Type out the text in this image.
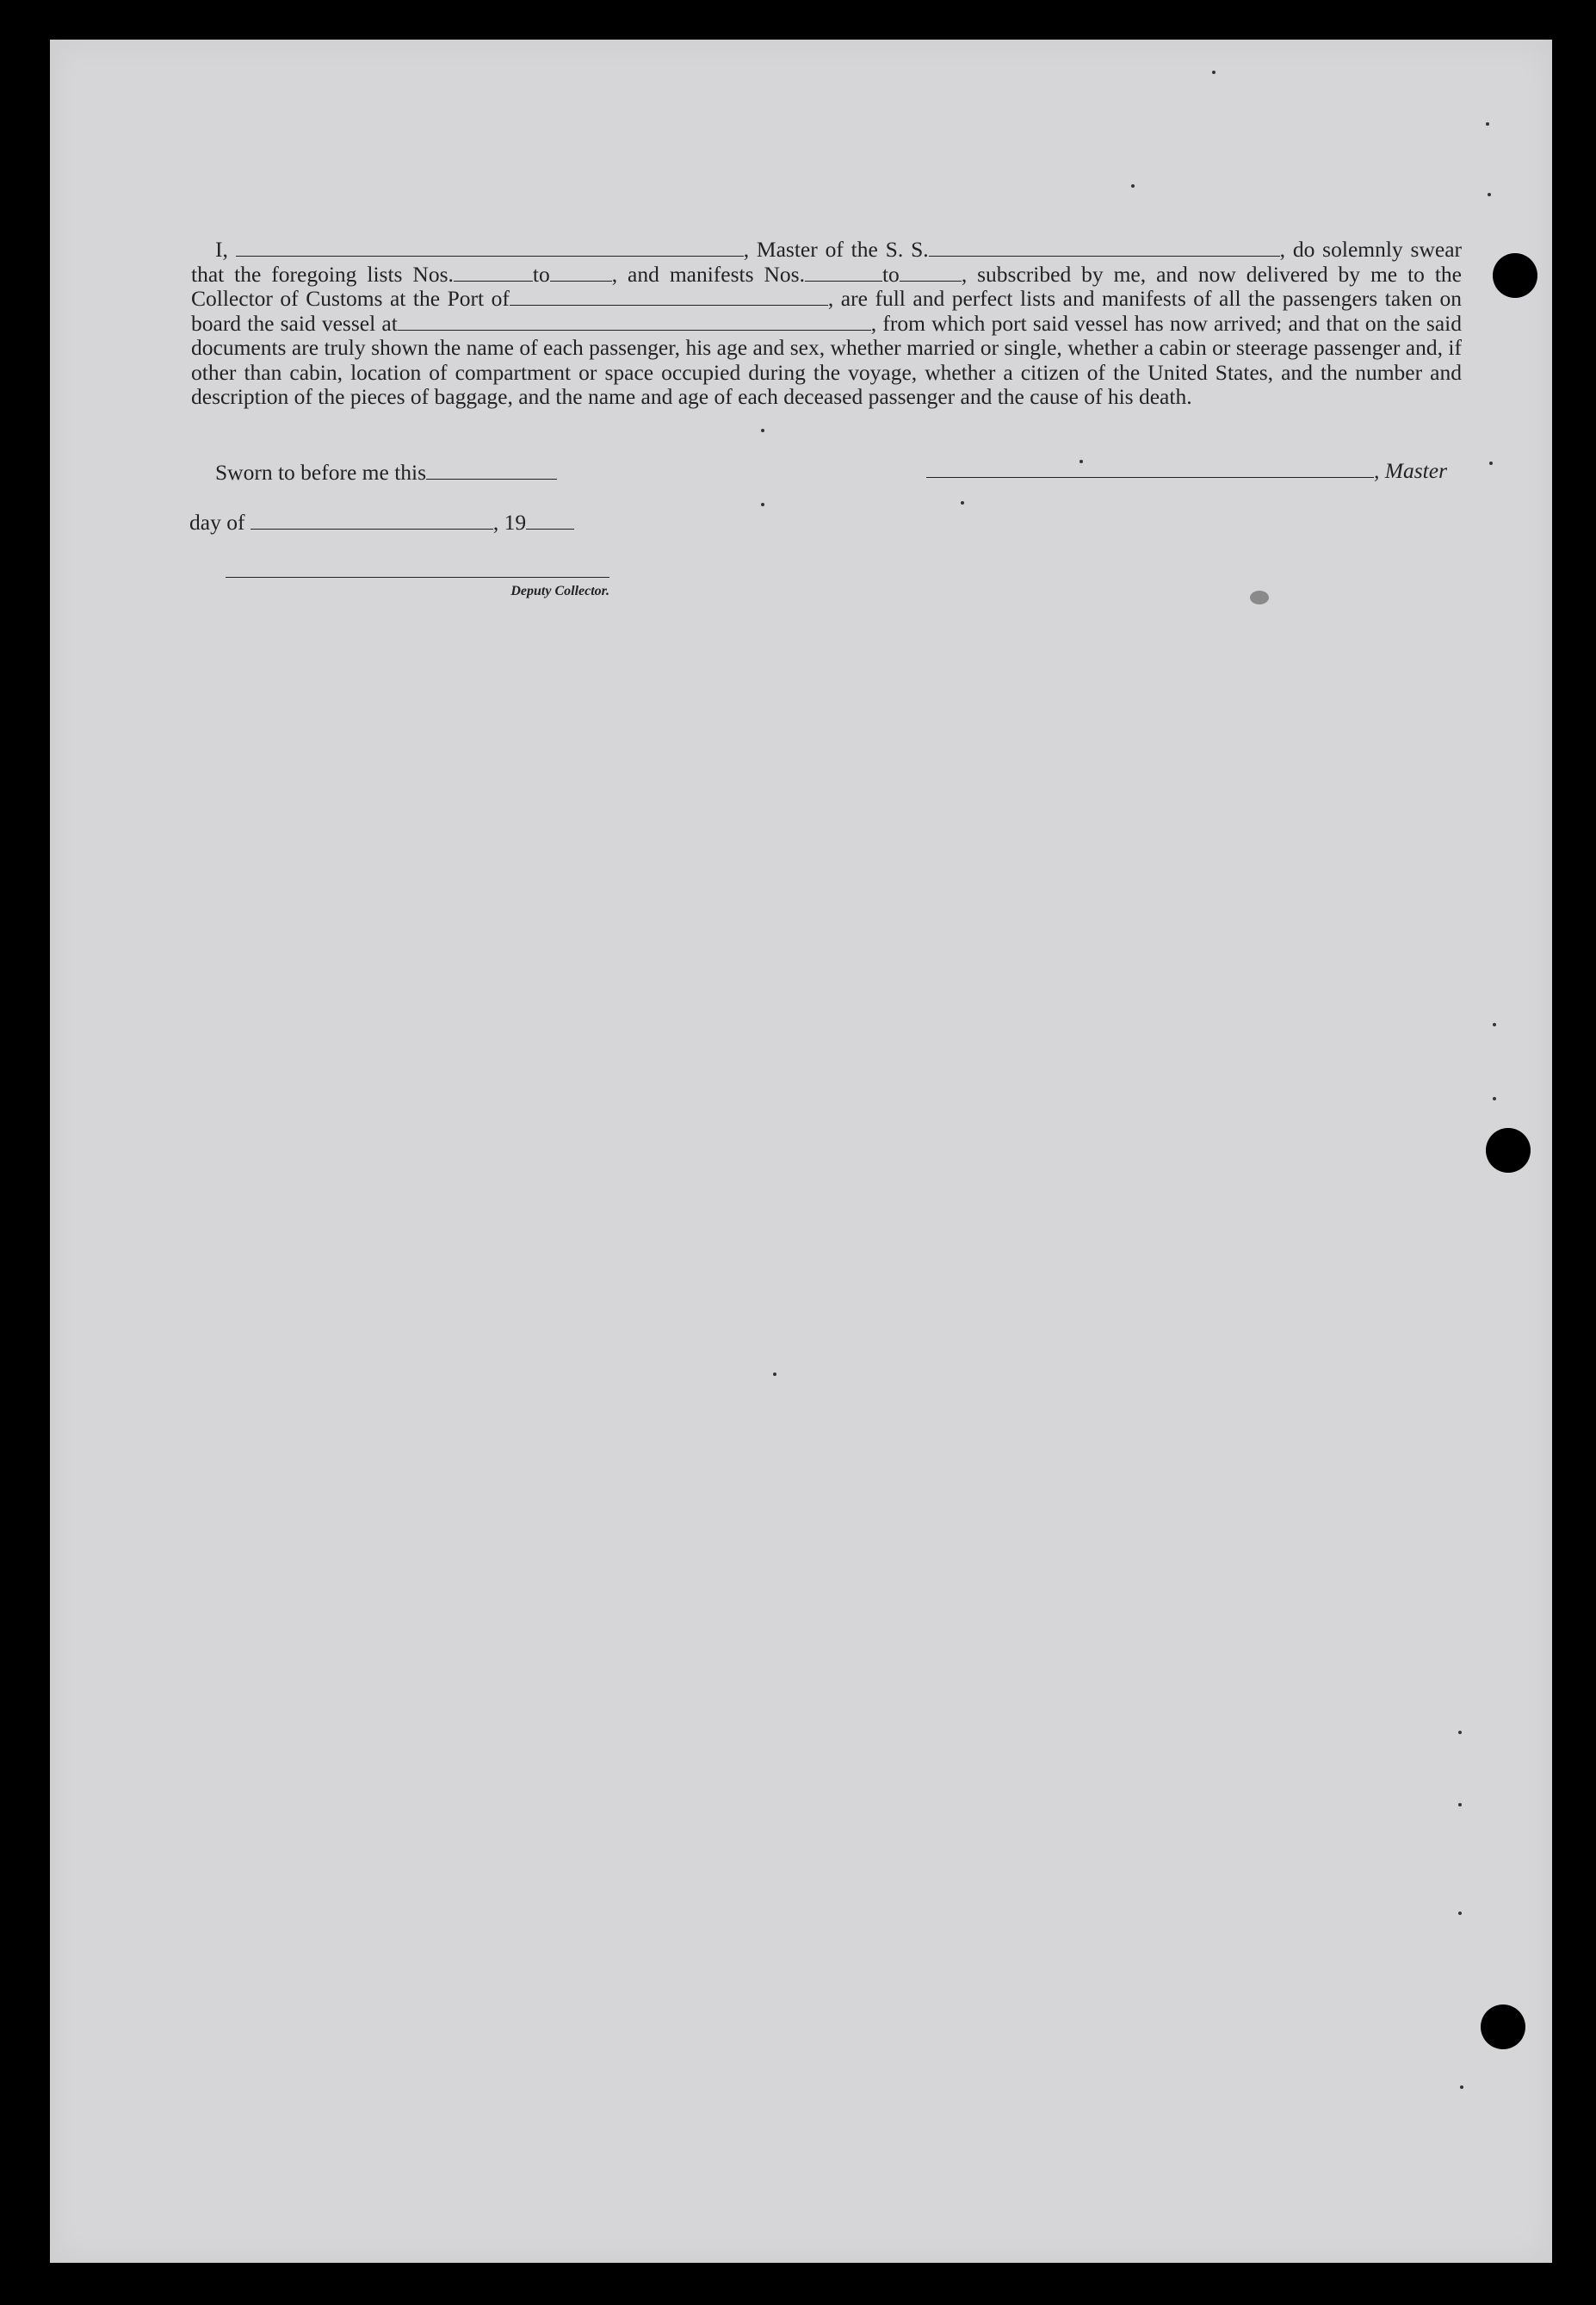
I,	, Master of the S. S.	, do solemnly swear that the foregoing lists Nos.	to	, and manifests Nos.	to	, subscribed by me, and now delivered by me to the Collector of Customs at the Port of	, are full and perfect lists and manifests of all the passengers taken on board the said vessel at	, from which port said vessel has now arrived; and that on the said documents are truly shown the name of each passenger, his age and sex, whether married or single, whether a cabin or steerage passenger and, if other than cabin, location of compartment or space occupied during the voyage, whether a citizen of the United States, and the number and description of the pieces of baggage, and the name and age of each deceased passenger and the cause of his death.

Sworn to before me this	, Master
day of	, 19
Deputy Collector.
